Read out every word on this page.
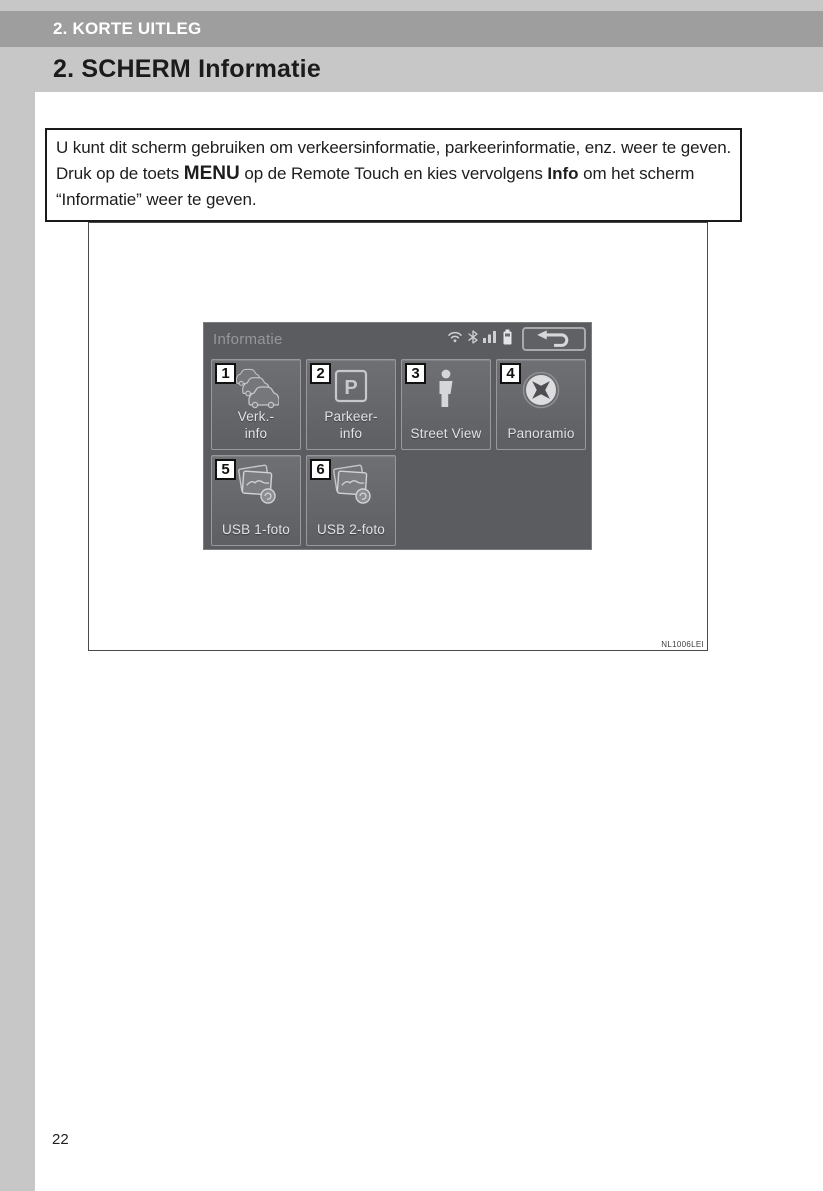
2. KORTE UITLEG
2. SCHERM Informatie
U kunt dit scherm gebruiken om verkeersinformatie, parkeerinformatie, enz. weer te geven. Druk op de toets MENU op de Remote Touch en kies vervolgens Info om het scherm “Informatie” weer te geven.
Informatie
1
Verk.-
info
2
P
Parkeer-
info
3
Street View
4
Panoramio
5
USB 1-foto
6
USB 2-foto
NL1006LEI
22
